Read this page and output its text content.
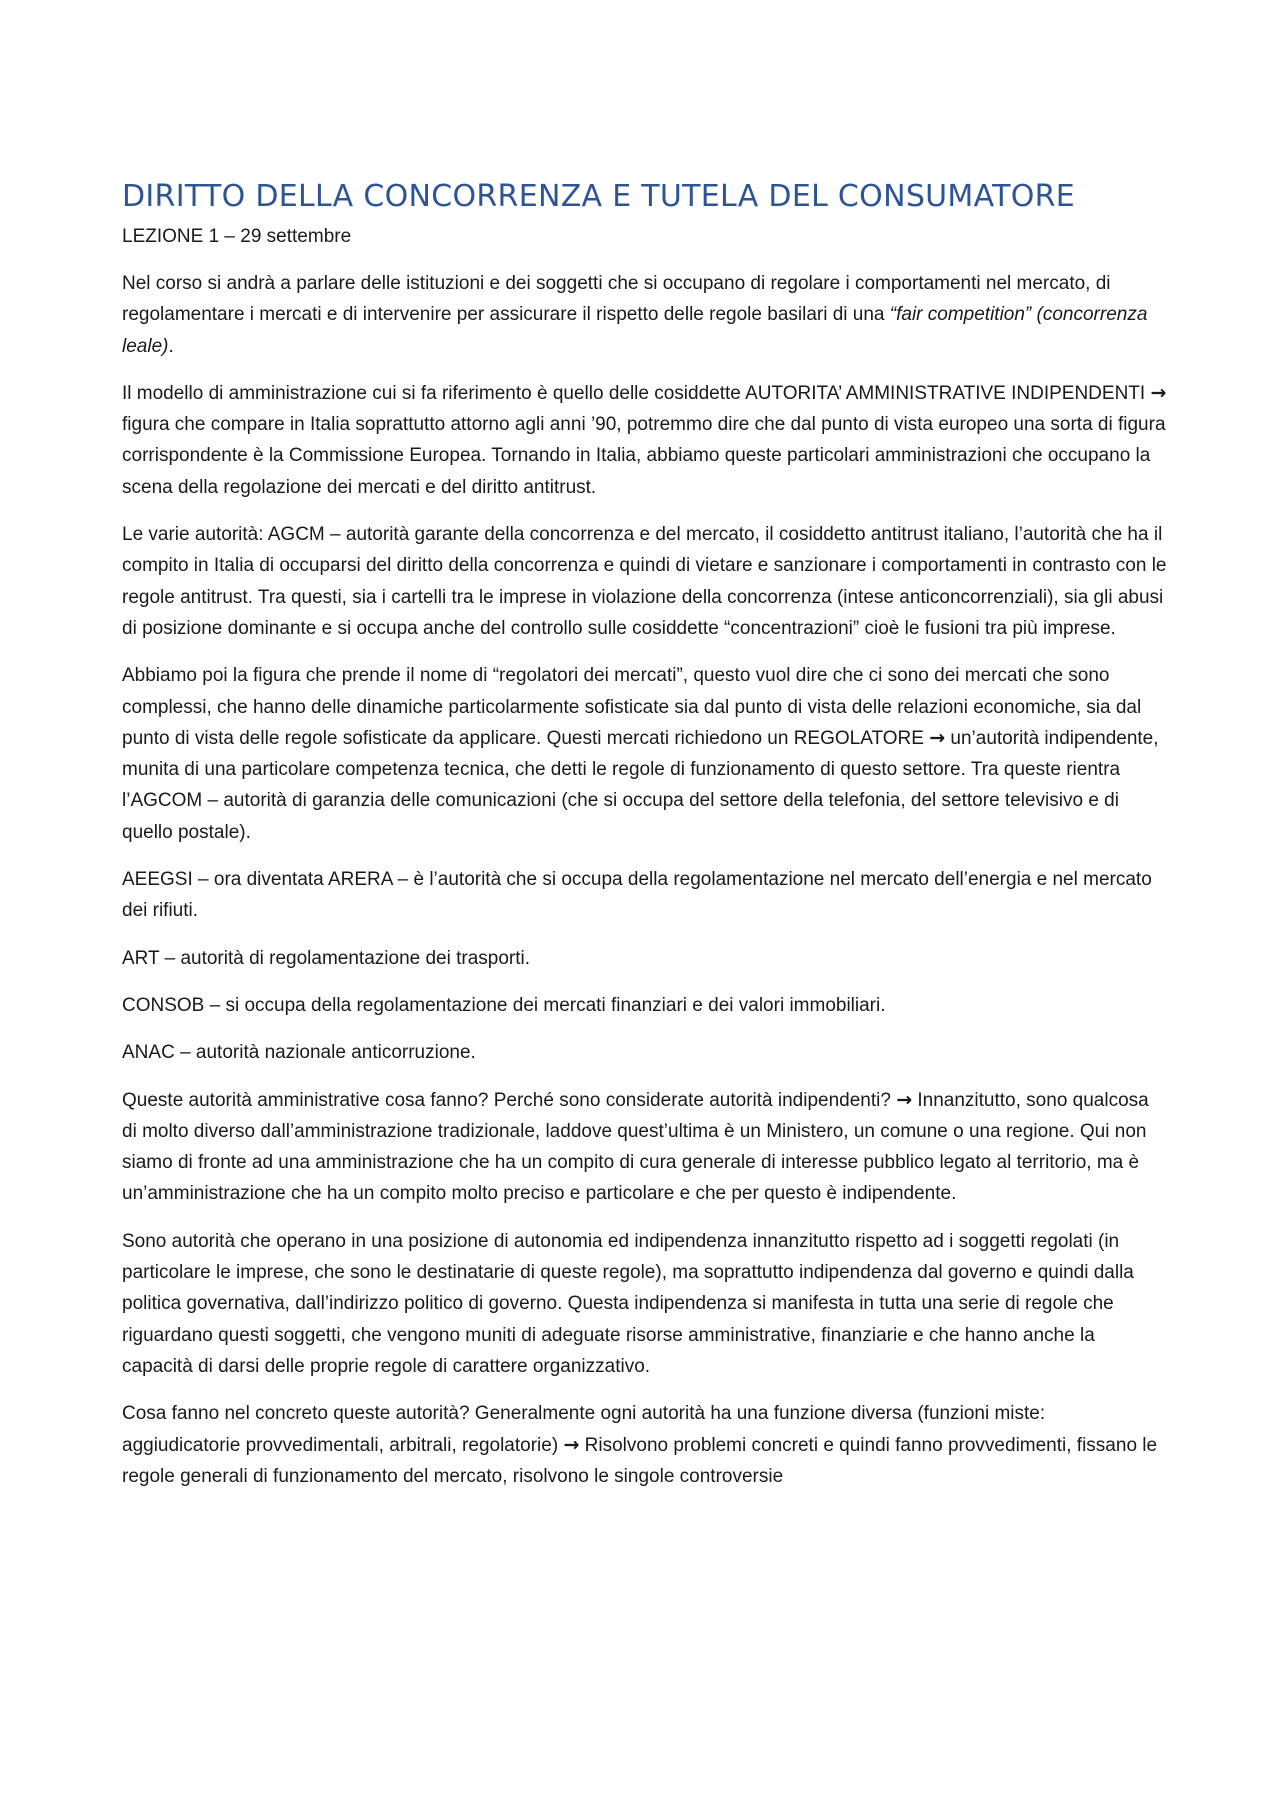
DIRITTO DELLA CONCORRENZA E TUTELA DEL CONSUMATORE
LEZIONE 1 – 29 settembre

Nel corso si andrà a parlare delle istituzioni e dei soggetti che si occupano di regolare i comportamenti nel mercato, di regolamentare i mercati e di intervenire per assicurare il rispetto delle regole basilari di una “fair competition” (concorrenza leale).

Il modello di amministrazione cui si fa riferimento è quello delle cosiddette AUTORITA’ AMMINISTRATIVE INDIPENDENTI → figura che compare in Italia soprattutto attorno agli anni ’90, potremmo dire che dal punto di vista europeo una sorta di figura corrispondente è la Commissione Europea. Tornando in Italia, abbiamo queste particolari amministrazioni che occupano la scena della regolazione dei mercati e del diritto antitrust.

Le varie autorità: AGCM – autorità garante della concorrenza e del mercato, il cosiddetto antitrust italiano, l’autorità che ha il compito in Italia di occuparsi del diritto della concorrenza e quindi di vietare e sanzionare i comportamenti in contrasto con le regole antitrust. Tra questi, sia i cartelli tra le imprese in violazione della concorrenza (intese anticoncorrenziali), sia gli abusi di posizione dominante e si occupa anche del controllo sulle cosiddette “concentrazioni” cioè le fusioni tra più imprese.

Abbiamo poi la figura che prende il nome di “regolatori dei mercati”, questo vuol dire che ci sono dei mercati che sono complessi, che hanno delle dinamiche particolarmente sofisticate sia dal punto di vista delle relazioni economiche, sia dal punto di vista delle regole sofisticate da applicare. Questi mercati richiedono un REGOLATORE → un’autorità indipendente, munita di una particolare competenza tecnica, che detti le regole di funzionamento di questo settore. Tra queste rientra l’AGCOM – autorità di garanzia delle comunicazioni (che si occupa del settore della telefonia, del settore televisivo e di quello postale).

AEEGSI – ora diventata ARERA – è l’autorità che si occupa della regolamentazione nel mercato dell’energia e nel mercato dei rifiuti.

ART – autorità di regolamentazione dei trasporti.

CONSOB – si occupa della regolamentazione dei mercati finanziari e dei valori immobiliari.

ANAC – autorità nazionale anticorruzione.

Queste autorità amministrative cosa fanno? Perché sono considerate autorità indipendenti? → Innanzitutto, sono qualcosa di molto diverso dall’amministrazione tradizionale, laddove quest’ultima è un Ministero, un comune o una regione. Qui non siamo di fronte ad una amministrazione che ha un compito di cura generale di interesse pubblico legato al territorio, ma è un’amministrazione che ha un compito molto preciso e particolare e che per questo è indipendente.

Sono autorità che operano in una posizione di autonomia ed indipendenza innanzitutto rispetto ad i soggetti regolati (in particolare le imprese, che sono le destinatarie di queste regole), ma soprattutto indipendenza dal governo e quindi dalla politica governativa, dall’indirizzo politico di governo. Questa indipendenza si manifesta in tutta una serie di regole che riguardano questi soggetti, che vengono muniti di adeguate risorse amministrative, finanziarie e che hanno anche la capacità di darsi delle proprie regole di carattere organizzativo.

Cosa fanno nel concreto queste autorità? Generalmente ogni autorità ha una funzione diversa (funzioni miste: aggiudicatorie provvedimentali, arbitrali, regolatorie) → Risolvono problemi concreti e quindi fanno provvedimenti, fissano le regole generali di funzionamento del mercato, risolvono le singole controversie
